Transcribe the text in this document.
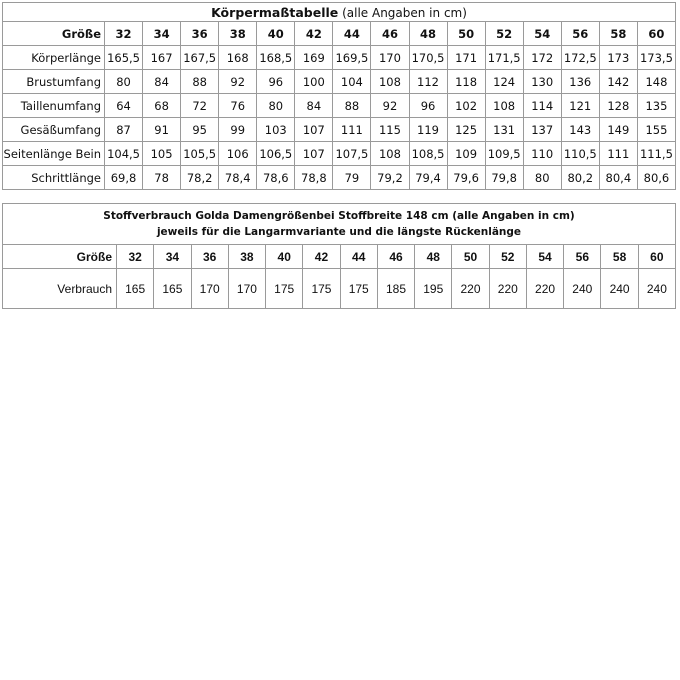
Körpermaßtabelle (alle Angaben in cm)															
Größe	32	34	36	38	40	42	44	46	48	50	52	54	56	58	60
Körperlänge	165,5	167	167,5	168	168,5	169	169,5	170	170,5	171	171,5	172	172,5	173	173,5
Brustumfang	80	84	88	92	96	100	104	108	112	118	124	130	136	142	148
Taillenumfang	64	68	72	76	80	84	88	92	96	102	108	114	121	128	135
Gesäßumfang	87	91	95	99	103	107	111	115	119	125	131	137	143	149	155
Seitenlänge Bein	104,5	105	105,5	106	106,5	107	107,5	108	108,5	109	109,5	110	110,5	111	111,5
Schrittlänge	69,8	78	78,2	78,4	78,6	78,8	79	79,2	79,4	79,6	79,8	80	80,2	80,4	80,6
Stoffverbrauch Golda Damengrößenbei Stoffbreite 148 cm (alle Angaben in cm)
jeweils für die Langarmvariante und die längste Rückenlänge															
Größe	32	34	36	38	40	42	44	46	48	50	52	54	56	58	60
Verbrauch	165	165	170	170	175	175	175	185	195	220	220	220	240	240	240
